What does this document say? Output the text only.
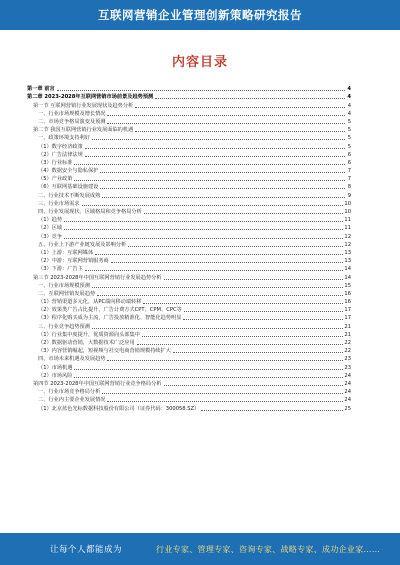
互联网营销企业管理创新策略研究报告
内容目录
第一章 前言	4
第二章 2023-2028年互联网营销市场前景及趋势预测	4
第一节 互联网营销行业发展现状及趋势分析	4
一、行业市场规模及增长情况	4
二、市场竞争格局演变及预测	5
第二节 我国互联网营销行业发展面临的机遇	5
一、政策环境支持利好	5
（1）数字经济政策	5
（2）广告法律法规	6
（3）行业标准	6
（4）数据安全与隐私保护	7
（5）产业政策	7
（6）互联网基础设施建设	8
二、行业技术不断发展成熟	9
三、行业市场需求	10
四、行业发展现状、区域格局和竞争格局分析	10
（1）趋势	11
（2）区域	11
（3）竞争	12
五、行业上下游产业链发展及影响分析	12
（1）上游：互联网媒体	13
（2）中游：互联网营销服务商	13
（3）下游：广告主	14
第三节 2023-2028年中国互联网营销行业发展趋势分析	14
一、行业市场规模预测	15
二、互联网营销发展趋势	16
（1）营销渠道多元化，从PC端向移动端转移	16
（2）效果类广告占比提升，广告计费方式CPT、CPM、CPC等	17
（3）程序化购买成为主流，广告投放精准化、智能化趋势明显	17
三、行业竞争趋势预测	21
（1）行业集中度提升，优质资源向头部集中	21
（2）数据驱动营销，大数据技术广泛应用	22
（3）内容营销崛起，短视频与社交电商营销规模持续扩大	22
四、市场未来机遇及发展趋势	23
（1）市场机遇	23
（2）市场风险	24
第四节 2023-2028年中国互联网营销行业竞争格局分析	24
一、行业市场竞争格局分析	24
二、行业内主要企业发展情况	24
（1）北京蓝色光标数据科技股份有限公司（证券代码：300058.SZ）	25
让每个人都能成为	行业专家、管理专家、咨询专家、战略专家、成功企业家……
